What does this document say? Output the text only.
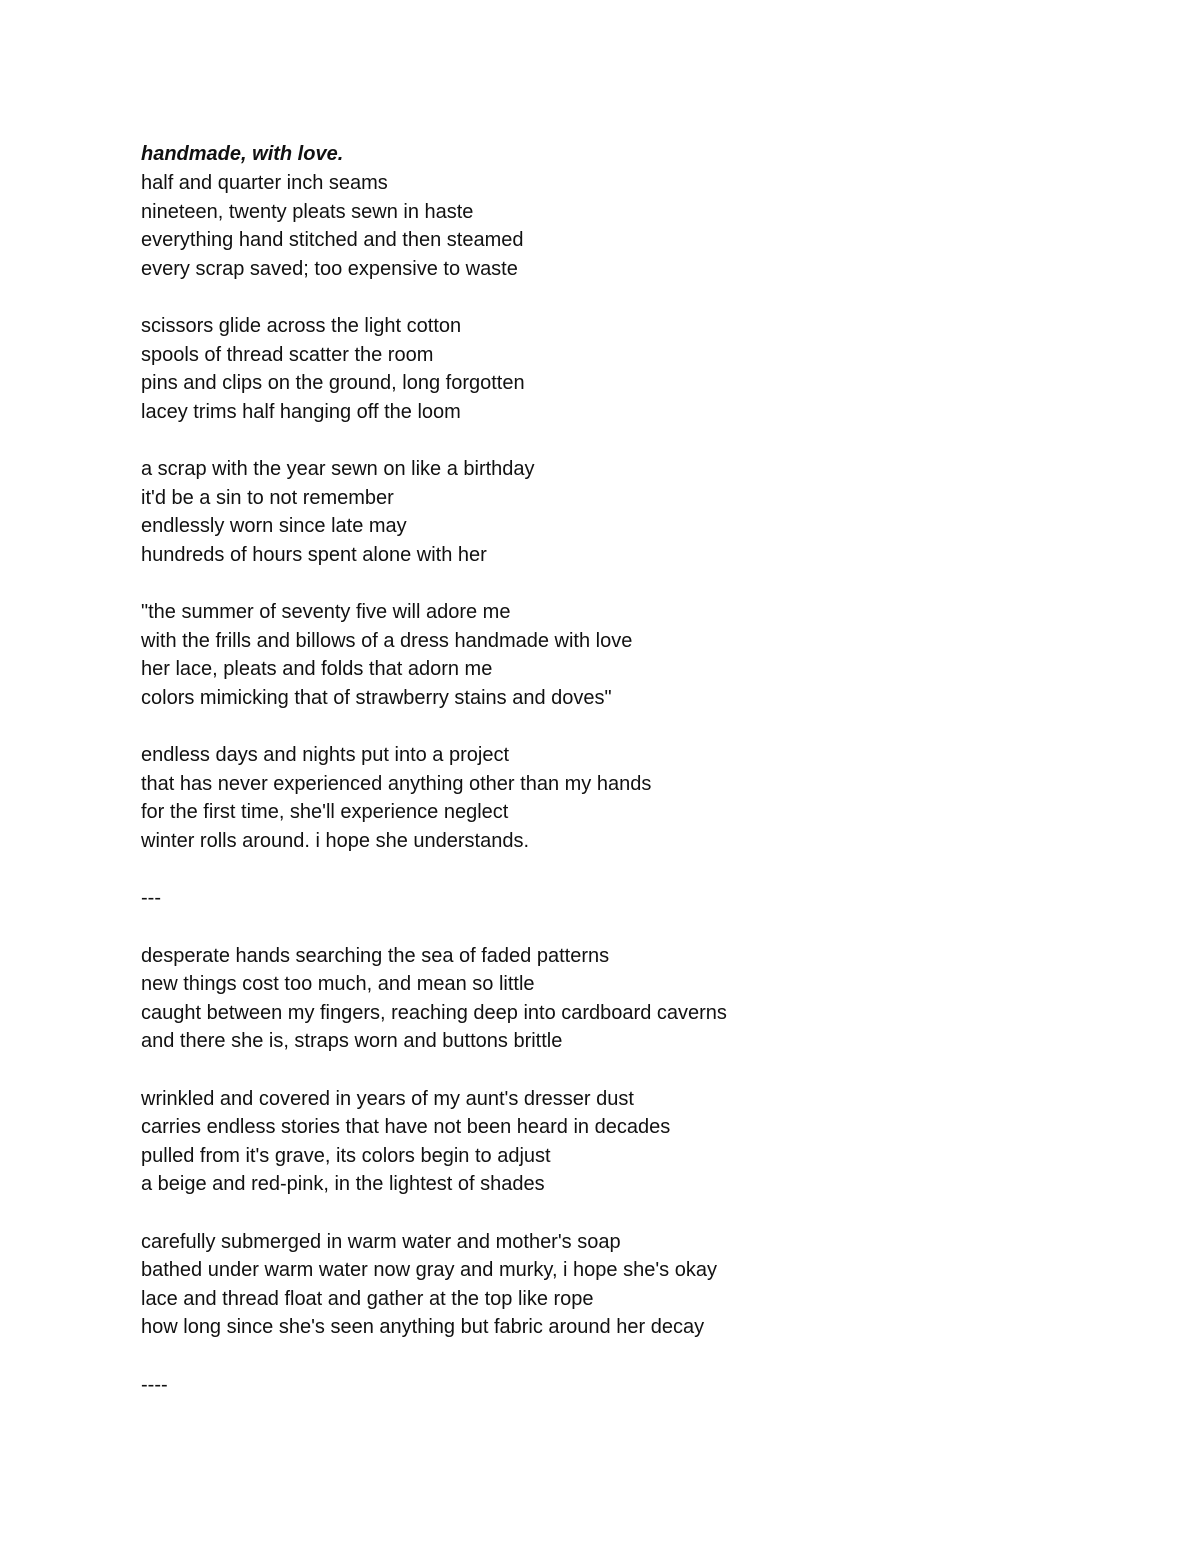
handmade, with love.
half and quarter inch seams
nineteen, twenty pleats sewn in haste
everything hand stitched and then steamed
every scrap saved; too expensive to waste
scissors glide across the light cotton
spools of thread scatter the room
pins and clips on the ground, long forgotten
lacey trims half hanging off the loom
a scrap with the year sewn on like a birthday
it'd be a sin to not remember
endlessly worn since late may
hundreds of hours spent alone with her
"the summer of seventy five will adore me
with the frills and billows of a dress handmade with love
her lace, pleats and folds that adorn me
colors mimicking that of strawberry stains and doves"
endless days and nights put into a project
that has never experienced anything other than my hands
for the first time, she'll experience neglect
winter rolls around. i hope she understands.
---
desperate hands searching the sea of faded patterns
new things cost too much, and mean so little
caught between my fingers, reaching deep into cardboard caverns
and there she is, straps worn and buttons brittle
wrinkled and covered in years of my aunt's dresser dust
carries endless stories that have not been heard in decades
pulled from it's grave, its colors begin to adjust
a beige and red-pink, in the lightest of shades
carefully submerged in warm water and mother's soap
bathed under warm water now gray and murky, i hope she's okay
lace and thread float and gather at the top like rope
how long since she's seen anything but fabric around her decay
----
